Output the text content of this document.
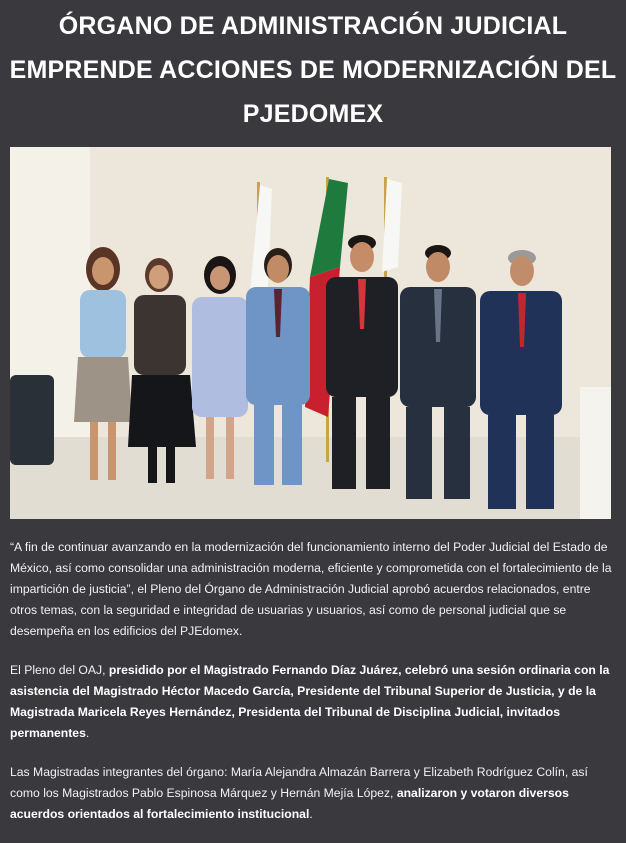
ÓRGANO DE ADMINISTRACIÓN JUDICIAL
EMPRENDE ACCIONES DE MODERNIZACIÓN DEL
PJEDOMEX

“A fin de continuar avanzando en la modernización del funcionamiento interno del Poder Judicial del Estado de México, así como consolidar una administración moderna, eficiente y comprometida con el fortalecimiento de la impartición de justicia”, el Pleno del Órgano de Administración Judicial aprobó acuerdos relacionados, entre otros temas, con la seguridad e integridad de usuarias y usuarios, así como de personal judicial que se desempeña en los edificios del PJEdomex.

El Pleno del OAJ, presidido por el Magistrado Fernando Díaz Juárez, celebró una sesión ordinaria con la asistencia del Magistrado Héctor Macedo García, Presidente del Tribunal Superior de Justicia, y de la Magistrada Maricela Reyes Hernández, Presidenta del Tribunal de Disciplina Judicial, invitados permanentes.

Las Magistradas integrantes del órgano: María Alejandra Almazán Barrera y Elizabeth Rodríguez Colín, así como los Magistrados Pablo Espinosa Márquez y Hernán Mejía López, analizaron y votaron diversos acuerdos orientados al fortalecimiento institucional.
